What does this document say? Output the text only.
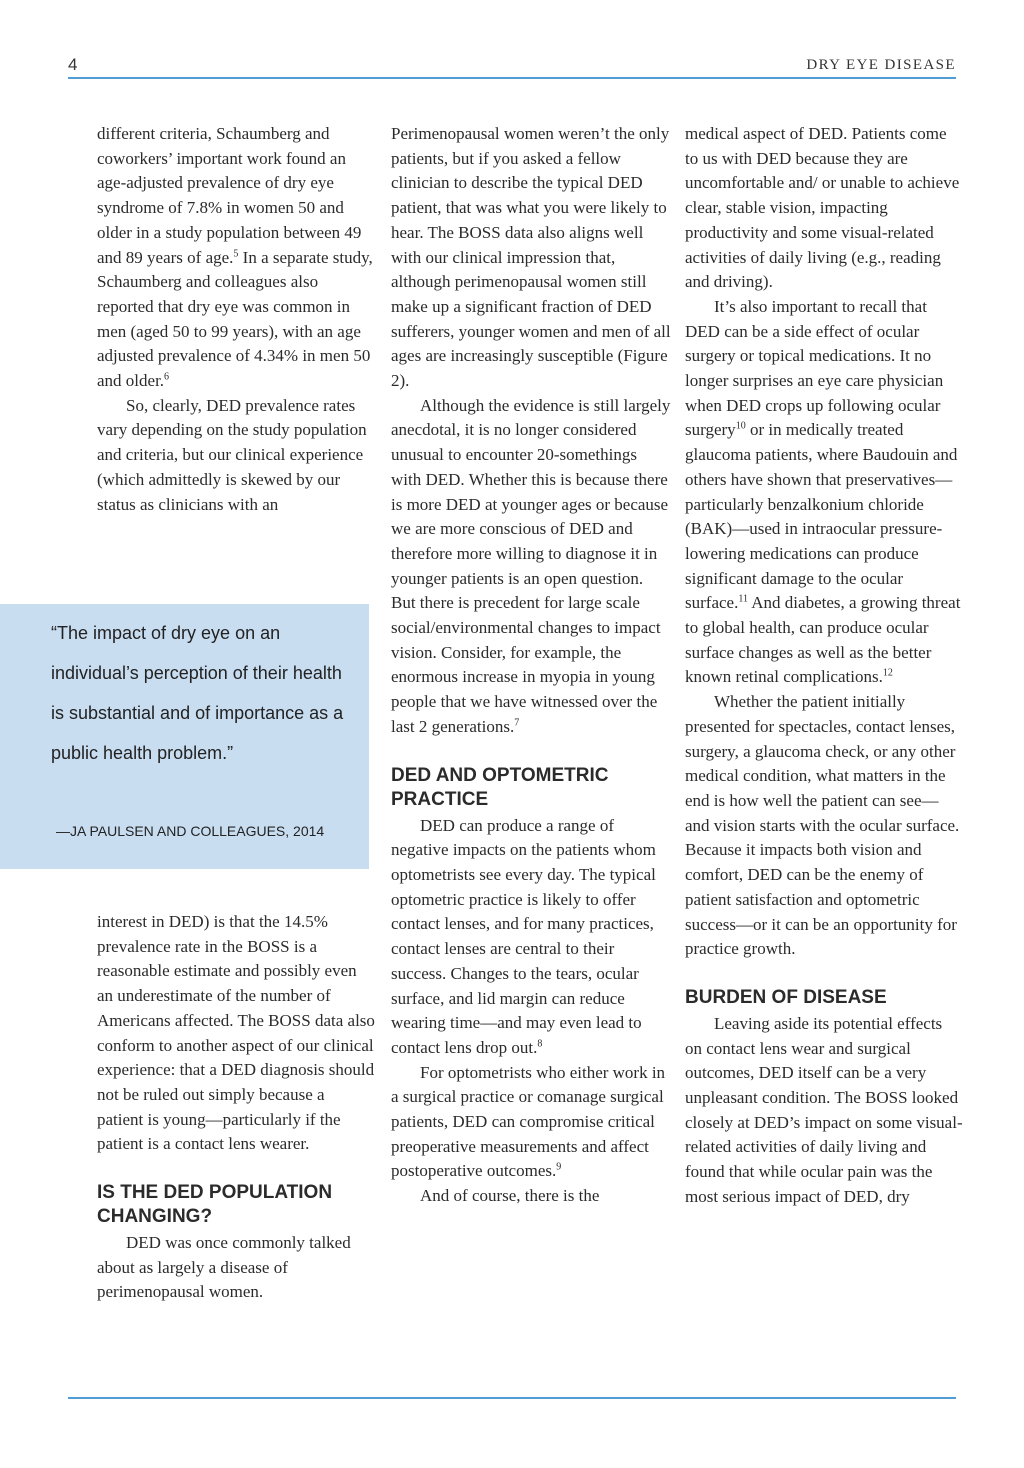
4	DRY EYE DISEASE

different criteria, Schaumberg and coworkers’ important work found an age-adjusted prevalence of dry eye syndrome of 7.8% in women 50 and older in a study population between 49 and 89 years of age.$^5$ In a separate study, Schaumberg and colleagues also reported that dry eye was common in men (aged 50 to 99 years), with an age adjusted prevalence of 4.34% in men 50 and older.$^6$

So, clearly, DED prevalence rates vary depending on the study population and criteria, but our clinical experience (which admittedly is skewed by our status as clinicians with an

“The impact of dry eye on an individual’s perception of their health is substantial and of importance as a public health problem.”
—JA PAULSEN AND COLLEAGUES, 2014

interest in DED) is that the 14.5% prevalence rate in the BOSS is a reasonable estimate and possibly even an underestimate of the number of Americans affected. The BOSS data also conform to another aspect of our clinical experience: that a DED diagnosis should not be ruled out simply because a patient is young—particularly if the patient is a contact lens wearer.

IS THE DED POPULATION CHANGING?

DED was once commonly talked about as largely a disease of perimenopausal women.

Perimenopausal women weren’t the only patients, but if you asked a fellow clinician to describe the typical DED patient, that was what you were likely to hear. The BOSS data also aligns well with our clinical impression that, although perimenopausal women still make up a significant fraction of DED sufferers, younger women and men of all ages are increasingly susceptible (Figure 2).

Although the evidence is still largely anecdotal, it is no longer considered unusual to encounter 20-somethings with DED. Whether this is because there is more DED at younger ages or because we are more conscious of DED and therefore more willing to diagnose it in younger patients is an open question. But there is precedent for large scale social/environmental changes to impact vision. Consider, for example, the enormous increase in myopia in young people that we have witnessed over the last 2 generations.$^7$

DED AND OPTOMETRIC PRACTICE

DED can produce a range of negative impacts on the patients whom optometrists see every day. The typical optometric practice is likely to offer contact lenses, and for many practices, contact lenses are central to their success. Changes to the tears, ocular surface, and lid margin can reduce wearing time—and may even lead to contact lens drop out.$^8$

For optometrists who either work in a surgical practice or comanage surgical patients, DED can compromise critical preoperative measurements and affect postoperative outcomes.$^9$

And of course, there is the

medical aspect of DED. Patients come to us with DED because they are uncomfortable and/ or unable to achieve clear, stable vision, impacting productivity and some visual-related activities of daily living (e.g., reading and driving).

It’s also important to recall that DED can be a side effect of ocular surgery or topical medications. It no longer surprises an eye care physician when DED crops up following ocular surgery$^{10}$ or in medically treated glaucoma patients, where Baudouin and others have shown that preservatives—particularly benzalkonium chloride (BAK)—used in intraocular pressure-lowering medications can produce significant damage to the ocular surface.$^{11}$ And diabetes, a growing threat to global health, can produce ocular surface changes as well as the better known retinal complications.$^{12}$

Whether the patient initially presented for spectacles, contact lenses, surgery, a glaucoma check, or any other medical condition, what matters in the end is how well the patient can see—and vision starts with the ocular surface. Because it impacts both vision and comfort, DED can be the enemy of patient satisfaction and optometric success—or it can be an opportunity for practice growth.

BURDEN OF DISEASE

Leaving aside its potential effects on contact lens wear and surgical outcomes, DED itself can be a very unpleasant condition. The BOSS looked closely at DED’s impact on some visual-related activities of daily living and found that while ocular pain was the most serious impact of DED, dry
